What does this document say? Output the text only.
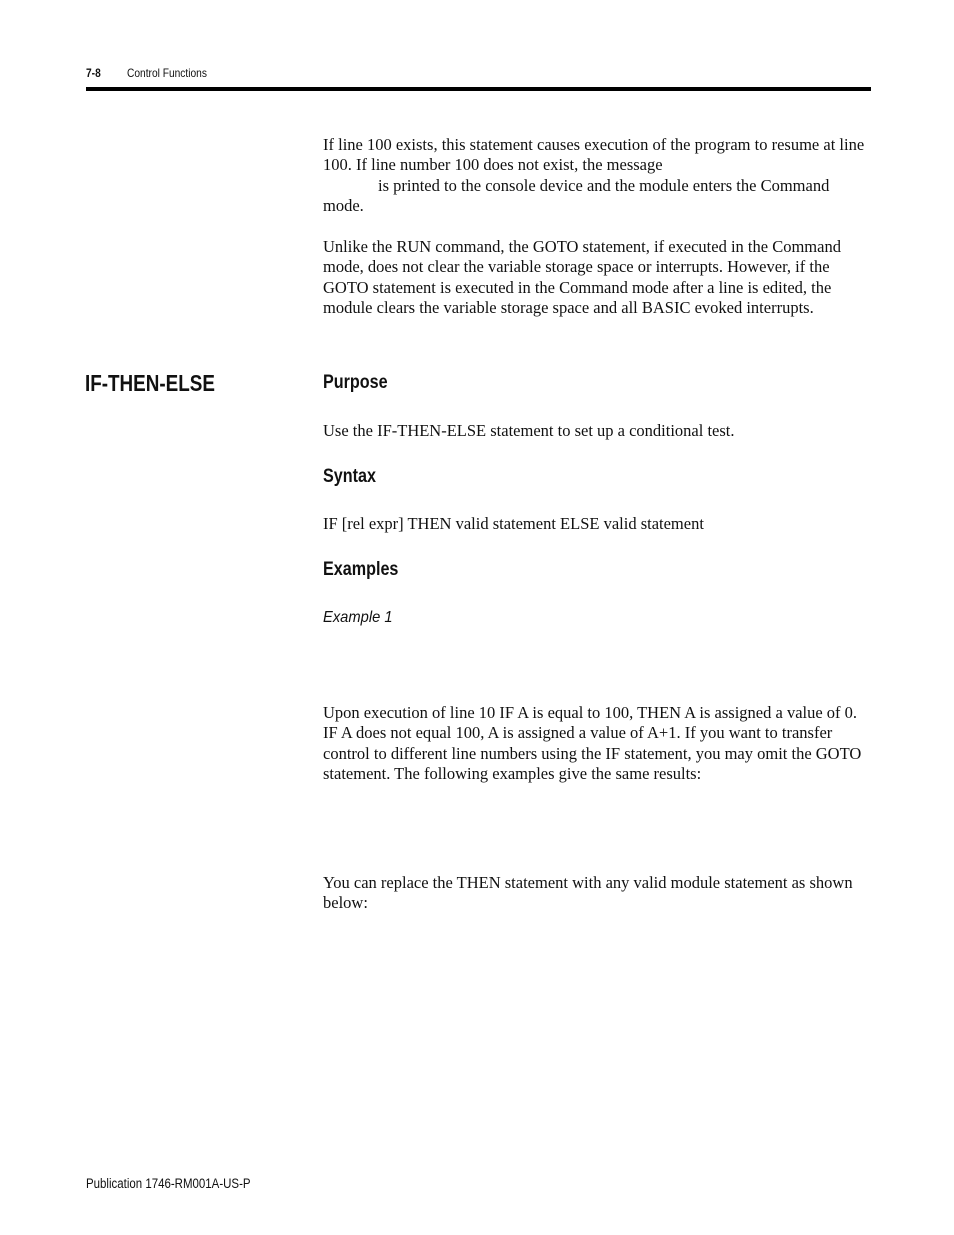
7-8 Control Functions
If line 100 exists, this statement causes execution of the program to resume at line
100. If line number 100 does not exist, the message
is printed to the console device and the module enters the Command
mode.
Unlike the RUN command, the GOTO statement, if executed in the Command
mode, does not clear the variable storage space or interrupts. However, if the
GOTO statement is executed in the Command mode after a line is edited, the
module clears the variable storage space and all BASIC evoked interrupts.
IF-THEN-ELSE	Purpose
Use the IF-THEN-ELSE statement to set up a conditional test.
Syntax
IF [rel expr] THEN valid statement ELSE valid statement
Examples
Example 1
Upon execution of line 10 IF A is equal to 100, THEN A is assigned a value of 0.
IF A does not equal 100, A is assigned a value of A+1. If you want to transfer
control to different line numbers using the IF statement, you may omit the GOTO
statement. The following examples give the same results:
You can replace the THEN statement with any valid module statement as shown
below:
Publication 1746-RM001A-US-P
